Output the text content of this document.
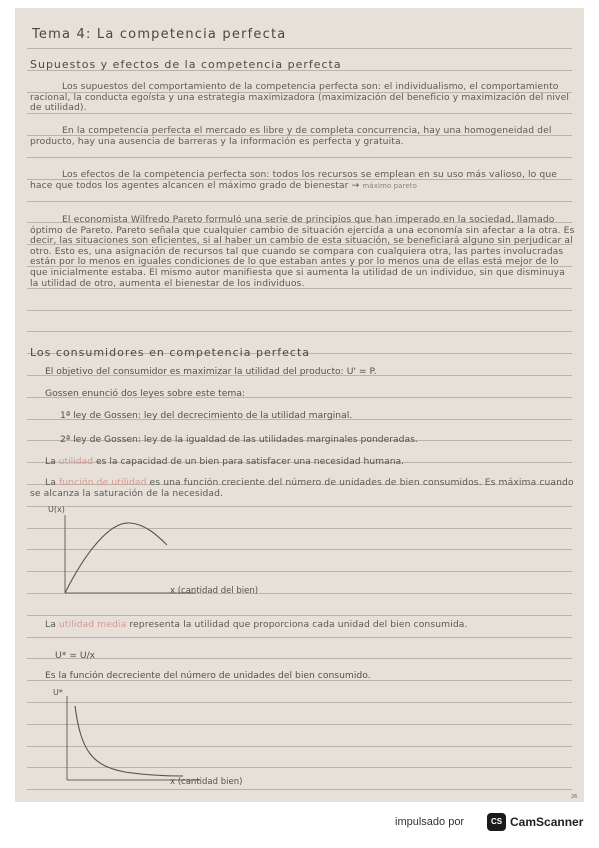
Tema 4: La competencia perfecta
Supuestos y efectos de la competencia perfecta
Los supuestos del comportamiento de la competencia perfecta son: el individualismo, el comportamiento racional, la conducta egoísta y una estrategia maximizadora (maximización del beneficio y maximización del nivel de utilidad).
En la competencia perfecta el mercado es libre y de completa concurrencia, hay una homogeneidad del producto, hay una ausencia de barreras y la información es perfecta y gratuita.
Los efectos de la competencia perfecta son: todos los recursos se emplean en su uso más valioso, lo que hace que todos los agentes alcancen el máximo grado de bienestar → máximo pareto
El economista Wilfredo Pareto formuló una serie de principios que han imperado en la sociedad, llamado óptimo de Pareto. Pareto señala que cualquier cambio de situación ejercida a una economía sin afectar a la otra. Es decir, las situaciones son eficientes, si al haber un cambio de esta situación, se beneficiará alguno sin perjudicar al otro. Esto es, una asignación de recursos tal que cuando se compara con cualquiera otra, las partes involucradas están por lo menos en iguales condiciones de lo que estaban antes y por lo menos una de ellas está mejor de lo que inicialmente estaba. El mismo autor manifiesta que si aumenta la utilidad de un individuo, sin que disminuya la utilidad de otro, aumenta el bienestar de los individuos.
Los consumidores en competencia perfecta
El objetivo del consumidor es maximizar la utilidad del producto: U' = P.
Gossen enunció dos leyes sobre este tema:
1ª ley de Gossen: ley del decrecimiento de la utilidad marginal.
2ª ley de Gossen: ley de la igualdad de las utilidades marginales ponderadas.
La utilidad es la capacidad de un bien para satisfacer una necesidad humana.
La función de utilidad es una función creciente del número de unidades de bien consumidos. Es máxima cuando se alcanza la saturación de la necesidad.
U(x)
x (cantidad del bien)
La utilidad media representa la utilidad que proporciona cada unidad del bien consumida.
U* = U/x
Es la función decreciente del número de unidades del bien consumido.
U*
x (cantidad bien)
26
impulsado por	CS CamScanner
